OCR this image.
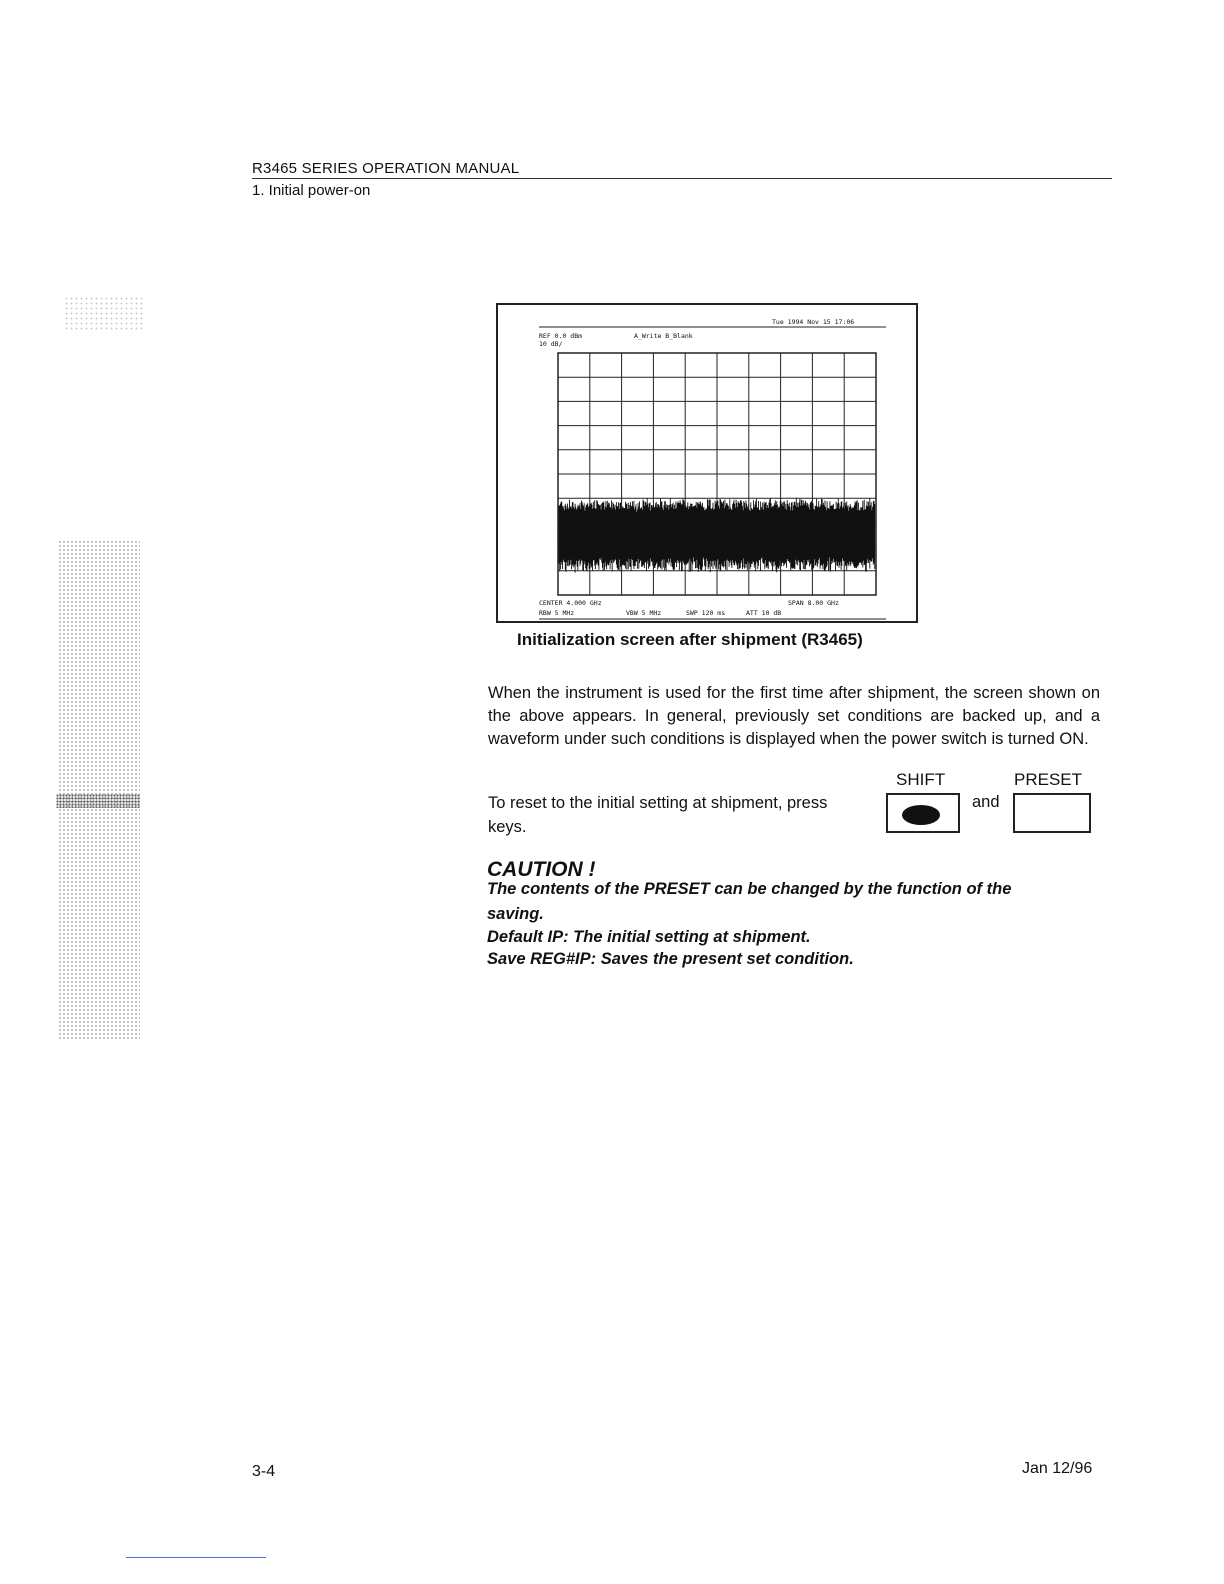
R3465 SERIES OPERATION MANUAL
1. Initial power-on
Tue 1994 Nov 15 17:06
REF 0.0 dBm	A_Write B_Blank
10 dB/
CENTER 4.000 GHz	SPAN 8.00 GHz
RBW 5 MHz	VBW 5 MHz	SWP 120 ms	ATT 10 dB
Initialization screen after shipment (R3465)
When the instrument is used for the first time after shipment, the screen shown on the above appears. In general, previously set conditions are backed up, and a waveform under such conditions is displayed when the power switch is turned ON.
SHIFT	PRESET
To reset to the initial setting at shipment, press
keys.
and
CAUTION !
The contents of the PRESET can be changed by the function of the
saving.
Default IP: The initial setting at shipment.
Save REG#IP: Saves the present set condition.
3-4	Jan 12/96
